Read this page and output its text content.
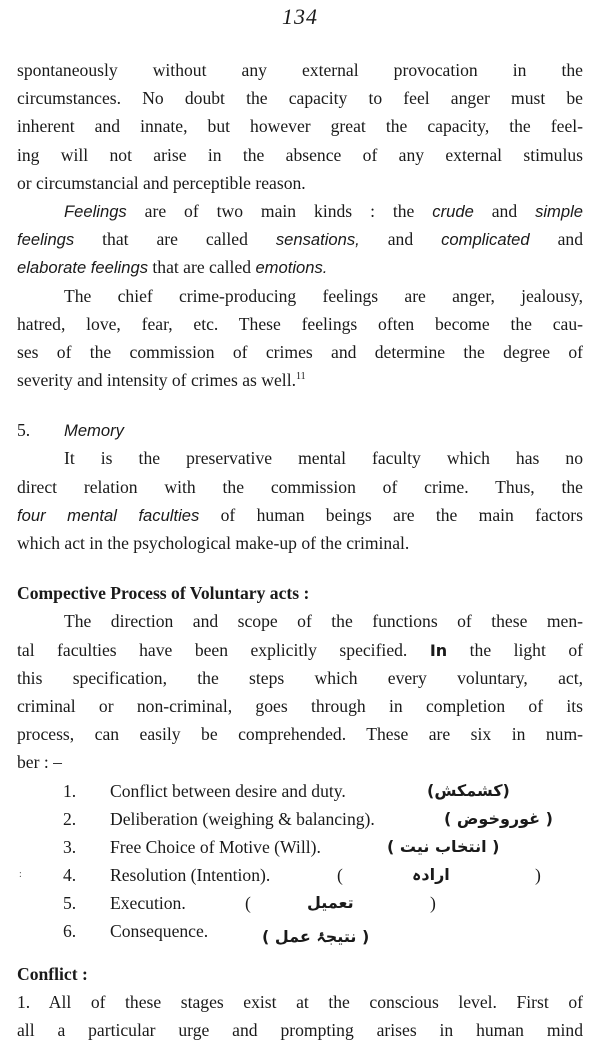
134
spontaneously without any external provocation in the
circumstances. No doubt the capacity to feel anger must be
inherent and innate, but however great the capacity, the feel-
ing will not arise in the absence of any external stimulus
or circumstancial and perceptible reason.
Feelings are of two main kinds : the crude and simple
feelings that are called sensations, and complicated and
elaborate feelings that are called emotions.
The chief crime-producing feelings are anger, jealousy,
hatred, love, fear, etc. These feelings often become the cau-
ses of the commission of crimes and determine the degree of
severity and intensity of crimes as well.$^{11}$
5. Memory
It is the preservative mental faculty which has no
direct relation with the commission of crime. Thus, the
four mental faculties of human beings are the main factors
which act in the psychological make-up of the criminal.
Compective Process of Voluntary acts :
The direction and scope of the functions of these men-
tal faculties have been explicitly specified. In the light of
this specification, the steps which every voluntary, act,
criminal or non-criminal, goes through in completion of its
process, can easily be comprehended. These are six in num-
ber : –
1. Conflict between desire and duty.	(کشمکش)
2. Deliberation (weighing & balancing).	( غوروخوض )
3. Free Choice of Motive (Will).	( انتخاب نیت )
: 4. Resolution (Intention).	(	ارادہ	)
5. Execution.	(	تعمیل	)
6. Consequence.	( نتیجۂ عمل )
Conflict :
1. All of these stages exist at the conscious level. First of
all a particular urge and prompting arises in human mind
